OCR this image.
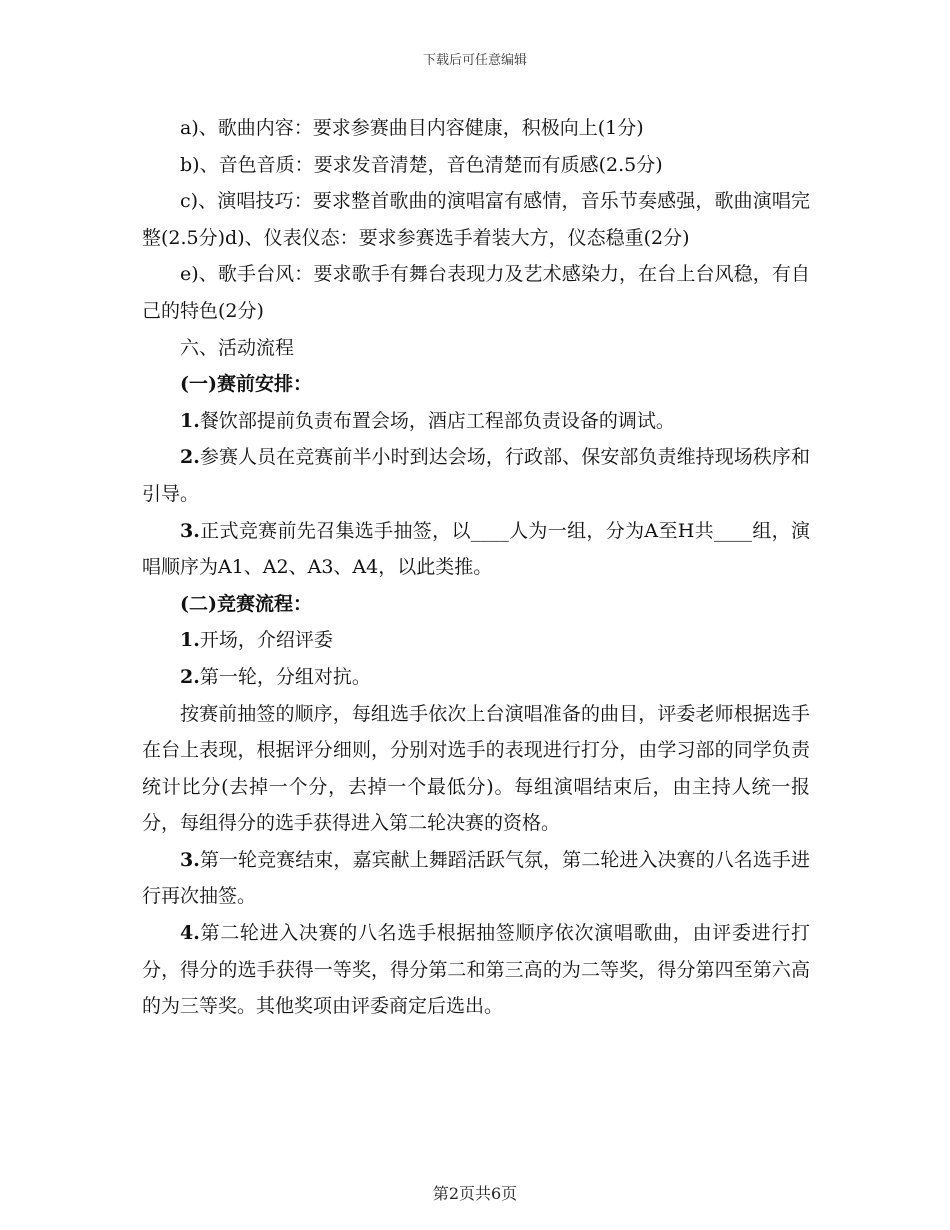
下载后可任意编辑

a)、歌曲内容：要求参赛曲目内容健康，积极向上(1分)

b)、音色音质：要求发音清楚，音色清楚而有质感(2.5分)

c)、演唱技巧：要求整首歌曲的演唱富有感情，音乐节奏感强，歌曲演唱完整(2.5分)d)、仪表仪态：要求参赛选手着装大方，仪态稳重(2分)

e)、歌手台风：要求歌手有舞台表现力及艺术感染力，在台上台风稳，有自己的特色(2分)

六、活动流程

(一)赛前安排：

1.餐饮部提前负责布置会场，酒店工程部负责设备的调试。

2.参赛人员在竞赛前半小时到达会场，行政部、保安部负责维持现场秩序和引导。

3.正式竞赛前先召集选手抽签，以____人为一组，分为A至H共____组，演唱顺序为A1、A2、A3、A4，以此类推。

(二)竞赛流程：

1.开场，介绍评委

2.第一轮，分组对抗。

按赛前抽签的顺序，每组选手依次上台演唱准备的曲目，评委老师根据选手在台上表现，根据评分细则，分别对选手的表现进行打分，由学习部的同学负责统计比分(去掉一个分，去掉一个最低分)。每组演唱结束后，由主持人统一报分，每组得分的选手获得进入第二轮决赛的资格。

3.第一轮竞赛结束，嘉宾献上舞蹈活跃气氛，第二轮进入决赛的八名选手进行再次抽签。

4.第二轮进入决赛的八名选手根据抽签顺序依次演唱歌曲，由评委进行打分，得分的选手获得一等奖，得分第二和第三高的为二等奖，得分第四至第六高的为三等奖。其他奖项由评委商定后选出。

第2页共6页
